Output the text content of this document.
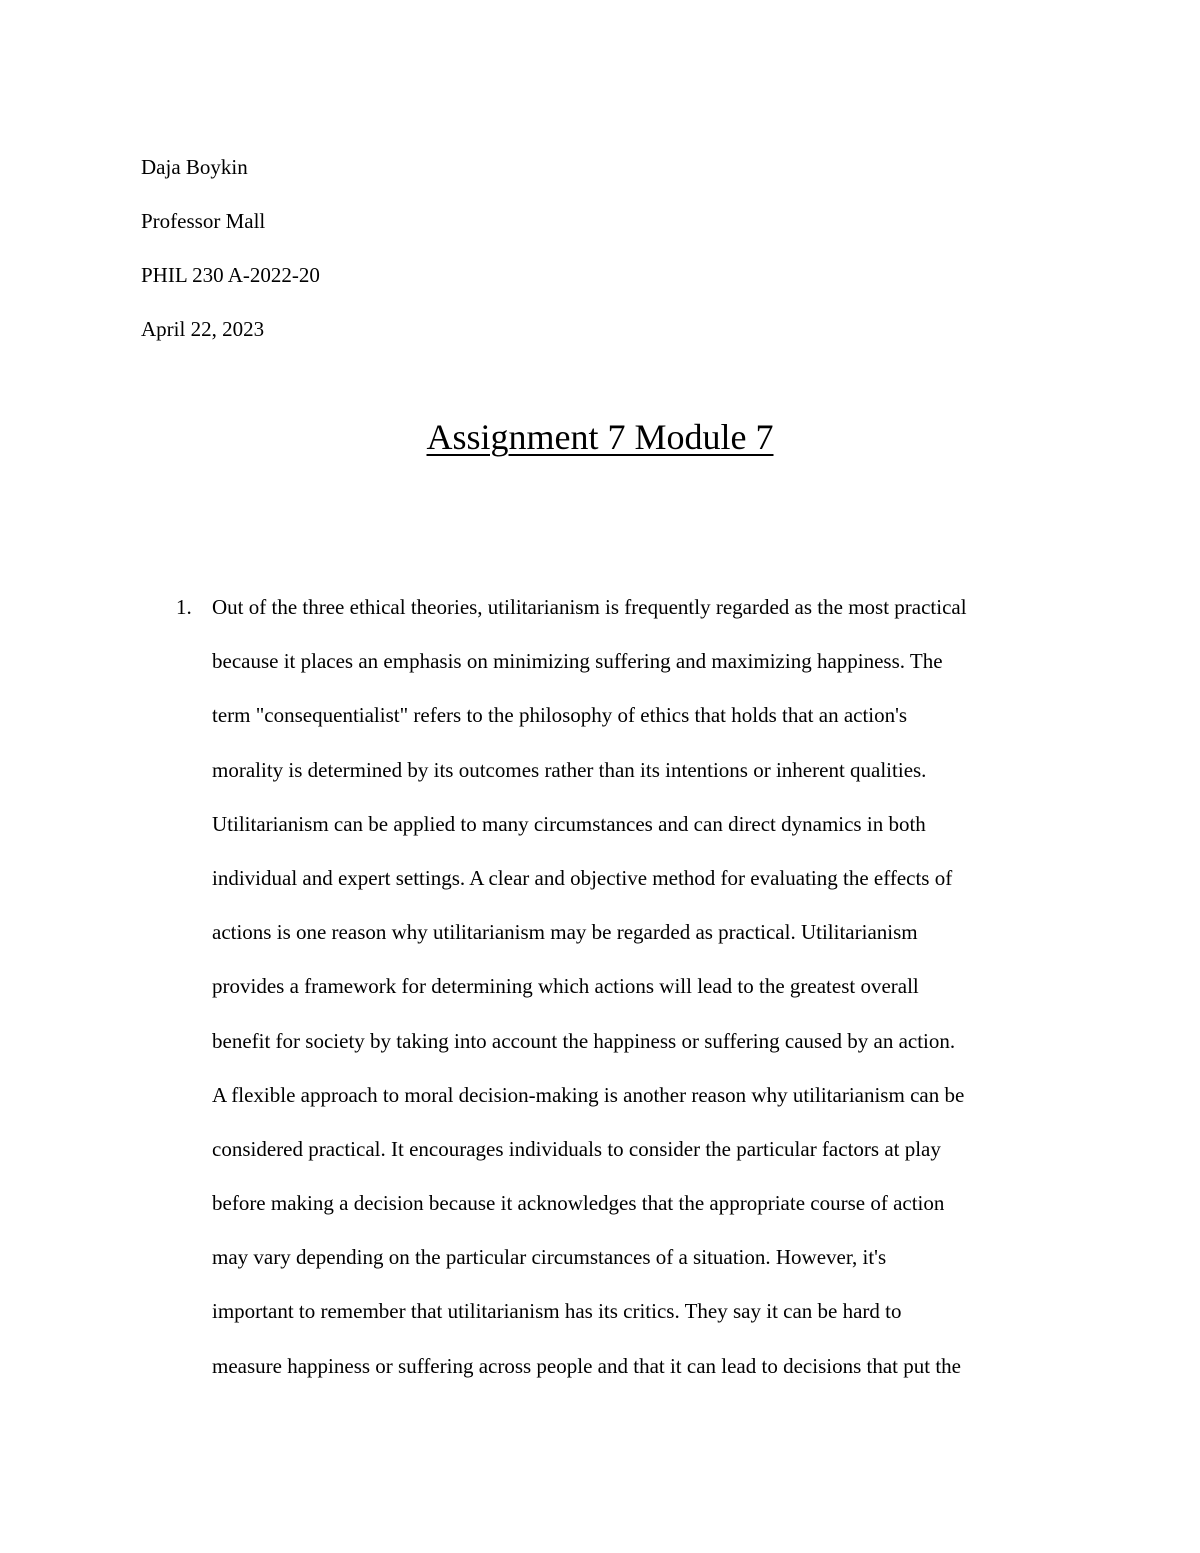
Daja Boykin
Professor Mall
PHIL 230 A-2022-20
April 22, 2023
Assignment 7 Module 7
1. Out of the three ethical theories, utilitarianism is frequently regarded as the most practical
because it places an emphasis on minimizing suffering and maximizing happiness. The
term "consequentialist" refers to the philosophy of ethics that holds that an action's
morality is determined by its outcomes rather than its intentions or inherent qualities.
Utilitarianism can be applied to many circumstances and can direct dynamics in both
individual and expert settings. A clear and objective method for evaluating the effects of
actions is one reason why utilitarianism may be regarded as practical. Utilitarianism
provides a framework for determining which actions will lead to the greatest overall
benefit for society by taking into account the happiness or suffering caused by an action.
A flexible approach to moral decision-making is another reason why utilitarianism can be
considered practical. It encourages individuals to consider the particular factors at play
before making a decision because it acknowledges that the appropriate course of action
may vary depending on the particular circumstances of a situation. However, it's
important to remember that utilitarianism has its critics. They say it can be hard to
measure happiness or suffering across people and that it can lead to decisions that put the
